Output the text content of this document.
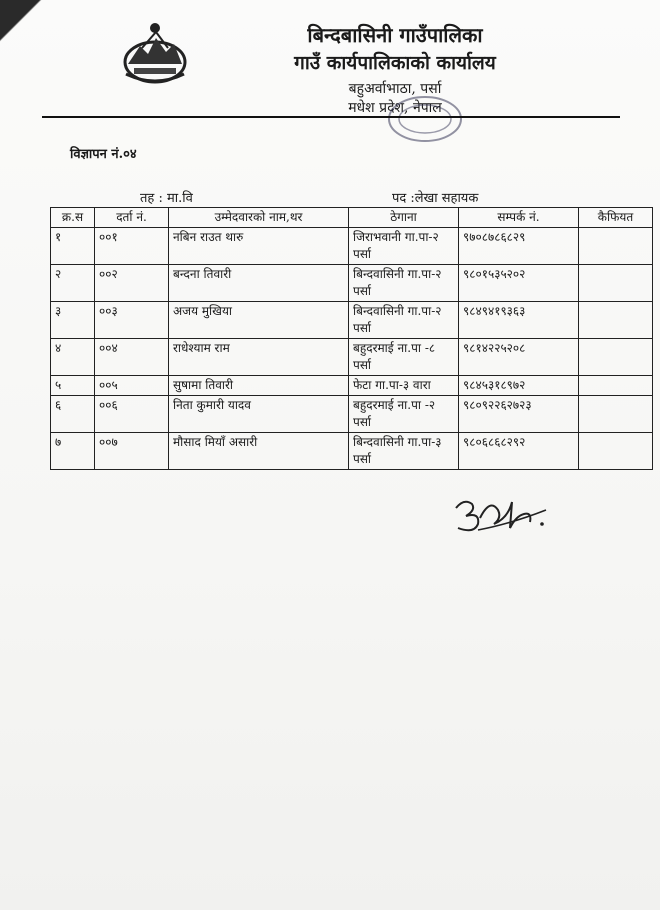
बिन्दबासिनी गाउँपालिका
गाउँ कार्यपालिकाको कार्यालय
बहुअर्वाभाठा, पर्सा
मधेश प्रदेश, नेपाल
विज्ञापन नं.०४
तह : मा.वि	पद :लेखा सहायक
क्र.स	दर्ता नं.	उम्मेदवारको नाम,थर	ठेगाना	सम्पर्क नं.	कैफियत
१	००१	नबिन राउत थारु	जिराभवानी गा.पा-२ पर्सा	९७०८७८६८२९	
२	००२	बन्दना तिवारी	बिन्दवासिनी गा.पा-२ पर्सा	९८०१५३५२०२	
३	००३	अजय मुखिया	बिन्दवासिनी गा.पा-२ पर्सा	९८४९४१९३६३	
४	००४	राधेश्याम राम	बहुदरमाई ना.पा -८ पर्सा	९८१४२२५२०८	
५	००५	सुषामा तिवारी	फेटा गा.पा-३ वारा	९८४५३१८९७२	
६	००६	निता कुमारी यादव	बहुदरमाई ना.पा -२ पर्सा	९८०९२२६२७२३	
७	००७	मौसाद मियाँ असारी	बिन्दवासिनी गा.पा-३ पर्सा	९८०६८६८२९२	
